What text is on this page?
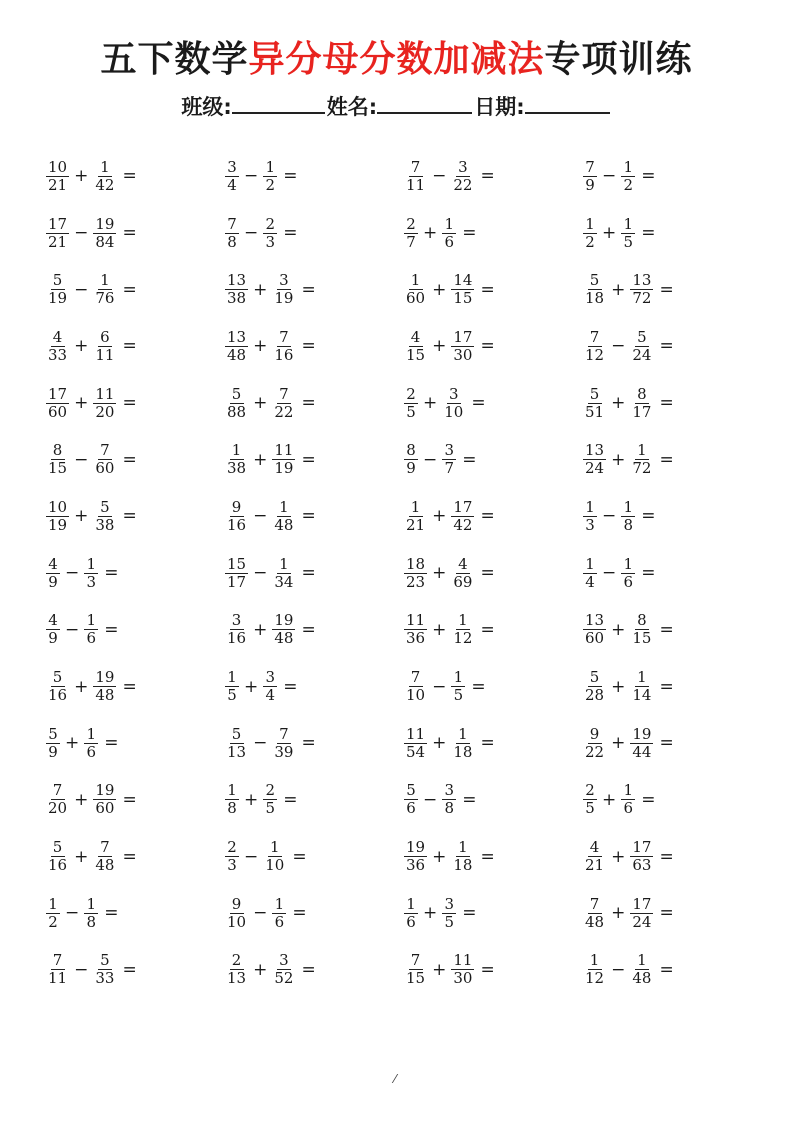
五下数学异分母分数加减法专项训练
班级:	姓名:	日期:
$\frac{10}{21} + \frac{1}{42}$ =	$\frac{3}{4} - \frac{1}{2}$ =	$\frac{7}{11} - \frac{3}{22}$ =	$\frac{7}{9} - \frac{1}{2}$ =
$\frac{17}{21} - \frac{19}{84}$ =	$\frac{7}{8} - \frac{2}{3}$ =	$\frac{2}{7} + \frac{1}{6}$ =	$\frac{1}{2} + \frac{1}{5}$ =
$\frac{5}{19} - \frac{1}{76}$ =	$\frac{13}{38} + \frac{3}{19}$ =	$\frac{1}{60} + \frac{14}{15}$ =	$\frac{5}{18} + \frac{13}{72}$ =
$\frac{4}{33} + \frac{6}{11}$ =	$\frac{13}{48} + \frac{7}{16}$ =	$\frac{4}{15} + \frac{17}{30}$ =	$\frac{7}{12} - \frac{5}{24}$ =
$\frac{17}{60} + \frac{11}{20}$ =	$\frac{5}{88} + \frac{7}{22}$ =	$\frac{2}{5} + \frac{3}{10}$ =	$\frac{5}{51} + \frac{8}{17}$ =
$\frac{8}{15} - \frac{7}{60}$ =	$\frac{1}{38} + \frac{11}{19}$ =	$\frac{8}{9} - \frac{3}{7}$ =	$\frac{13}{24} + \frac{1}{72}$ =
$\frac{10}{19} + \frac{5}{38}$ =	$\frac{9}{16} - \frac{1}{48}$ =	$\frac{1}{21} + \frac{17}{42}$ =	$\frac{1}{3} - \frac{1}{8}$ =
$\frac{4}{9} - \frac{1}{3}$ =	$\frac{15}{17} - \frac{1}{34}$ =	$\frac{18}{23} + \frac{4}{69}$ =	$\frac{1}{4} - \frac{1}{6}$ =
$\frac{4}{9} - \frac{1}{6}$ =	$\frac{3}{16} + \frac{19}{48}$ =	$\frac{11}{36} + \frac{1}{12}$ =	$\frac{13}{60} + \frac{8}{15}$ =
$\frac{5}{16} + \frac{19}{48}$ =	$\frac{1}{5} + \frac{3}{4}$ =	$\frac{7}{10} - \frac{1}{5}$ =	$\frac{5}{28} + \frac{1}{14}$ =
$\frac{5}{9} + \frac{1}{6}$ =	$\frac{5}{13} - \frac{7}{39}$ =	$\frac{11}{54} + \frac{1}{18}$ =	$\frac{9}{22} + \frac{19}{44}$ =
$\frac{7}{20} + \frac{19}{60}$ =	$\frac{1}{8} + \frac{2}{5}$ =	$\frac{5}{6} - \frac{3}{8}$ =	$\frac{2}{5} + \frac{1}{6}$ =
$\frac{5}{16} + \frac{7}{48}$ =	$\frac{2}{3} - \frac{1}{10}$ =	$\frac{19}{36} + \frac{1}{18}$ =	$\frac{4}{21} + \frac{17}{63}$ =
$\frac{1}{2} - \frac{1}{8}$ =	$\frac{9}{10} - \frac{1}{6}$ =	$\frac{1}{6} + \frac{3}{5}$ =	$\frac{7}{48} + \frac{17}{24}$ =
$\frac{7}{11} - \frac{5}{33}$ =	$\frac{2}{13} + \frac{3}{52}$ =	$\frac{7}{15} + \frac{11}{30}$ =	$\frac{1}{12} - \frac{1}{48}$ =
⁄
